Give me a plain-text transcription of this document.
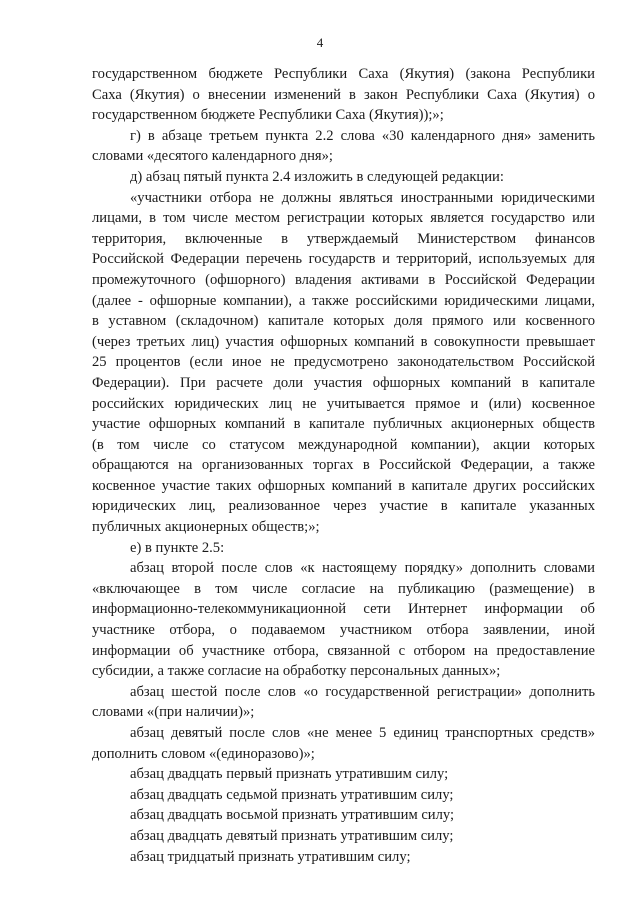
4
государственном бюджете Республики Саха (Якутия) (закона Республики
Саха (Якутия) о внесении изменений в закон Республики Саха (Якутия) о
государственном бюджете Республики Саха (Якутия));»;
г) в абзаце третьем пункта 2.2 слова «30 календарного дня» заменить
словами «десятого календарного дня»;
д) абзац пятый пункта 2.4 изложить в следующей редакции:
«участники отбора не должны являться иностранными юридическими
лицами, в том числе местом регистрации которых является государство или
территория, включенные в утверждаемый Министерством финансов
Российской Федерации перечень государств и территорий, используемых для
промежуточного (офшорного) владения активами в Российской Федерации
(далее - офшорные компании), а также российскими юридическими лицами,
в уставном (складочном) капитале которых доля прямого или косвенного
(через третьих лиц) участия офшорных компаний в совокупности превышает
25 процентов (если иное не предусмотрено законодательством Российской
Федерации). При расчете доли участия офшорных компаний в капитале
российских юридических лиц не учитывается прямое и (или) косвенное
участие офшорных компаний в капитале публичных акционерных обществ
(в том числе со статусом международной компании), акции которых
обращаются на организованных торгах в Российской Федерации, а также
косвенное участие таких офшорных компаний в капитале других российских
юридических лиц, реализованное через участие в капитале указанных
публичных акционерных обществ;»;
е) в пункте 2.5:
абзац второй после слов «к настоящему порядку» дополнить словами
«включающее в том числе согласие на публикацию (размещение) в
информационно-телекоммуникационной сети Интернет информации об
участнике отбора, о подаваемом участником отбора заявлении, иной
информации об участнике отбора, связанной с отбором на предоставление
субсидии, а также согласие на обработку персональных данных»;
абзац шестой после слов «о государственной регистрации» дополнить
словами «(при наличии)»;
абзац девятый после слов «не менее 5 единиц транспортных средств»
дополнить словом «(единоразово)»;
абзац двадцать первый признать утратившим силу;
абзац двадцать седьмой признать утратившим силу;
абзац двадцать восьмой признать утратившим силу;
абзац двадцать девятый признать утратившим силу;
абзац тридцатый признать утратившим силу;
